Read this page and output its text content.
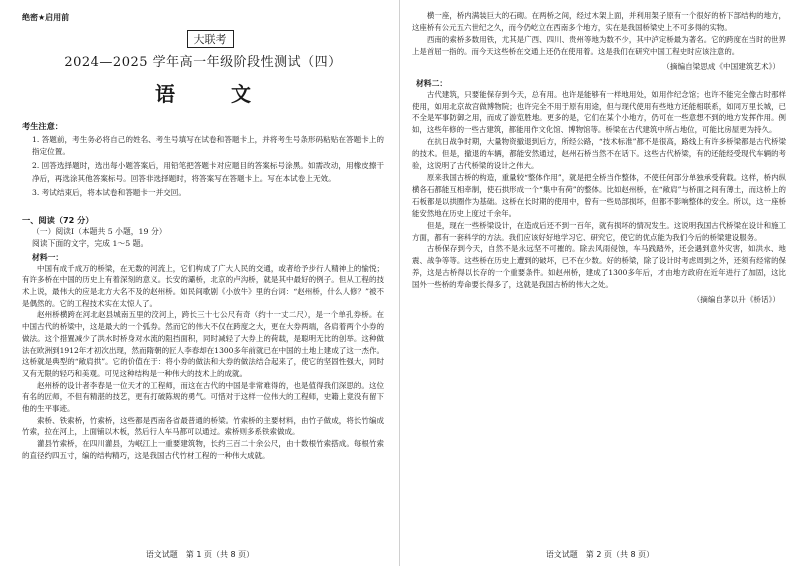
绝密★启用前
大联考
2024—2025 学年高一年级阶段性测试（四）
语　文
考生注意：
1. 答题前，考生务必将自己的姓名、考生号填写在试卷和答题卡上，并将考生号条形码粘贴在答题卡上的指定位置。
2. 回答选择题时，选出每小题答案后，用铅笔把答题卡对应题目的答案标号涂黑。如需改动，用橡皮擦干净后，再选涂其他答案标号。回答非选择题时，将答案写在答题卡上。写在本试卷上无效。
3. 考试结束后，将本试卷和答题卡一并交回。
一、阅读（72 分）
（一）阅读Ⅰ（本题共 5 小题，19 分）
阅读下面的文字，完成 1～5 题。
材料一：

中国有成千成万的桥梁，在无数的河流上，它们构成了广大人民的交通，或者给予步行人精神上的愉悦；有许多桥在中国的历史上有着深刻的意义。长安的灞桥，北京的卢沟桥，就是其中最好的例子。但从工程的技术上说，最伟大的应是北方大名不及的赵州桥。如民间歌剧《小放牛》里的台词：“赵州桥，什么人修？”被不是偶然的。它的工程技术实在太惊人了。

赵州桥横跨在河北赵县城南五里的洨河上，跨长三十七公尺有奇（约十一丈二尺），是一个单孔券桥。在中国古代的桥梁中，这是最大的一个弧券。然而它的伟大不仅在跨度之大，更在大券两端，各肩着两个小券的做法。这个措置减少了洪水时桥身对水流的阻挡面积，同时减轻了大券上的荷载，是聪明无比的创举。这种做法在欧洲到1912年才初次出现，然而隋朝的匠人李春却在1300多年前就已在中国的土地上建成了这一杰作。这桥就是典型的“敞肩拱”。它的价值在于：将小券的做法和大券的做法结合起来了，使它的坚固性强大，同时又有无限的轻巧和美观。可见这种结构是一种伟大的技术上的成就。

赵州桥的设计者李春是一位天才的工程师，而这在古代的中国是非常难得的，也是值得我们深思的。这位有名的匠师，不但有精湛的技艺，更有打破陈规的勇气。可惜对于这样一位伟大的工程师，史籍上竟没有留下他的生平事迹。

索桥、铁索桥，竹索桥，这些都是西南各省最普通的桥梁。竹索桥的主要材料，由竹子做成，将长竹编成竹索，拉在河上，上面铺以木板，然后行人车马都可以通过。索桥则多系铁索做成。

灌县竹索桥，在四川灌县，为岷江上一重要建筑物，长约三百二十余公尺，由十数根竹索搭成。每根竹索的直径约四五寸，编的结构精巧，这是我国古代竹材工程的一种伟大成就。

语文试题　第 1 页（共 8 页）

横一座，桥内满装巨大的石砌。在两桥之间，经过木架上面，并利用架子原有一个很好的桥下部结构的地方，这座桥有公元五六世纪之久，而今仍屹立在西南多个地方，实在是我国桥梁史上不可多得的实物。

西南的索桥多数用铁，尤其是广西、四川、贵州等地为数不少，其中泸定桥最为著名。它的跨度在当时的世界上是首屈一指的。而今天这些桥在交通上还仍在使用着。这是我们在研究中国工程史时应该注意的。

（摘编自梁思成《中国建筑艺术》）
材料二：

古代建筑，只要能保存到今天，总有用。也许是能够有一样地用处，如用作纪念馆；也许不能完全像古时那样使用，如用北京故宫做博物院；也许完全不用于原有用途，但与现代使用有些地方还能相联系，如同万里长城，已不全是军事防御之用，而成了游览胜地。更多的是，它们在某个小地方，仍可在一些意想不到的地方发挥作用。例如，这些年修的一些古建筑，都能用作文化馆、博物馆等。桥梁在古代建筑中所占地位，可能比房屋更为持久。

在抗日战争时期，大量物资撤退到后方，所经公路，“技术标准”都不是很高，路线上有许多桥梁都是古代桥梁的技术。但是，撤退的车辆，都能安然通过，赵州石桥当然不在话下。这些古代桥梁，有的还能经受现代车辆的考验，这说明了古代桥梁的设计之伟大。

原来我国古桥的构造，重量较“整体作用”，就是把全桥当作整体，不使任何部分单独承受荷载。这样，桥内纵横各石都能互相牵制，使石拱形成一个“集中有荷”的整体。比如赵州桥，在“敞肩”与桥面之间有薄土，而这桥上的石板都是以拱圈作为基础。这桥在长时期的使用中，曾有一些局部损坏，但都不影响整体的安全。所以，这一座桥能安然地在历史上度过千余年。

但是，现在一些桥梁设计，在造成后还不到一百年，就有损坏的情况发生。这说明我国古代桥梁在设计和施工方面，都有一套科学的方法。我们应该好好地学习它、研究它，使它的优点能为我们今后的桥梁建设服务。

古桥保存到今天，自然不是永远坚不可摧的。除去风雨侵蚀，车马践踏外，还会遇到意外灾害，如洪水、地震、战争等等。这些桥在历史上遭到的破坏，已不在少数。好的桥梁，除了设计时考虑周到之外，还须有经常的保养，这是古桥得以长存的一个重要条件。如赵州桥，建成了1300多年后，才由地方政府在近年进行了加固，这比国外一些桥的寿命要长得多了，这就是我国古桥的伟大之处。

（摘编自茅以升《桥话》）
语文试题　第 2 页（共 8 页）
